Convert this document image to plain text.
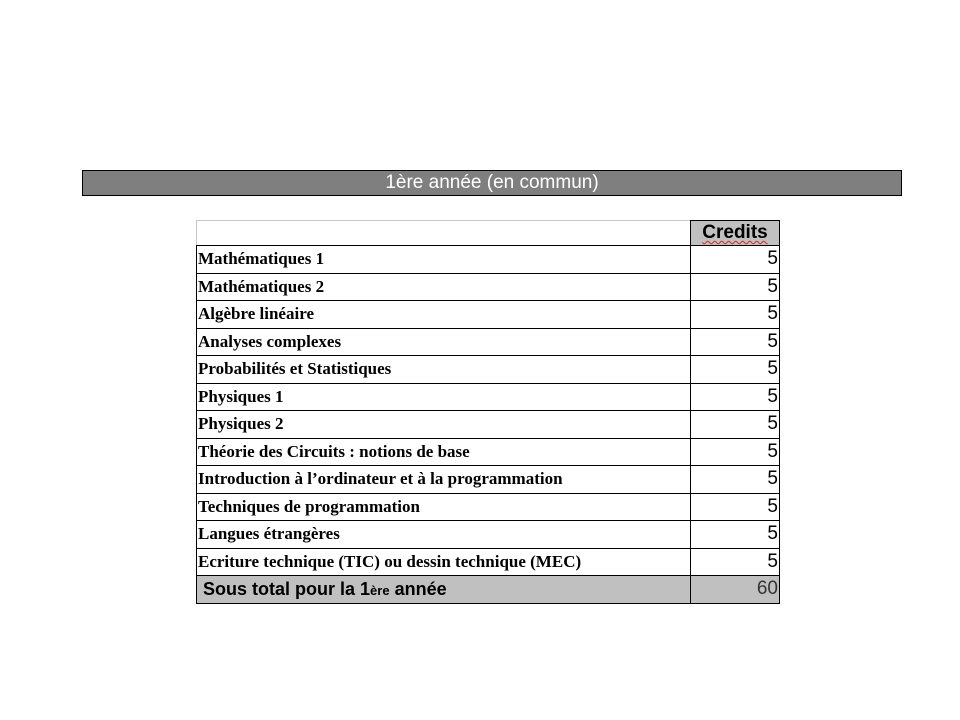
1ère année (en commun)
	Credits
Mathématiques 1	5
Mathématiques 2	5
Algèbre linéaire	5
Analyses complexes	5
Probabilités et Statistiques	5
Physiques 1	5
Physiques 2	5
Théorie des Circuits : notions de base	5
Introduction à l’ordinateur et à la programmation	5
Techniques de programmation	5
Langues étrangères	5
Ecriture technique (TIC) ou dessin technique (MEC)	5
Sous total pour la 1ère année	60
